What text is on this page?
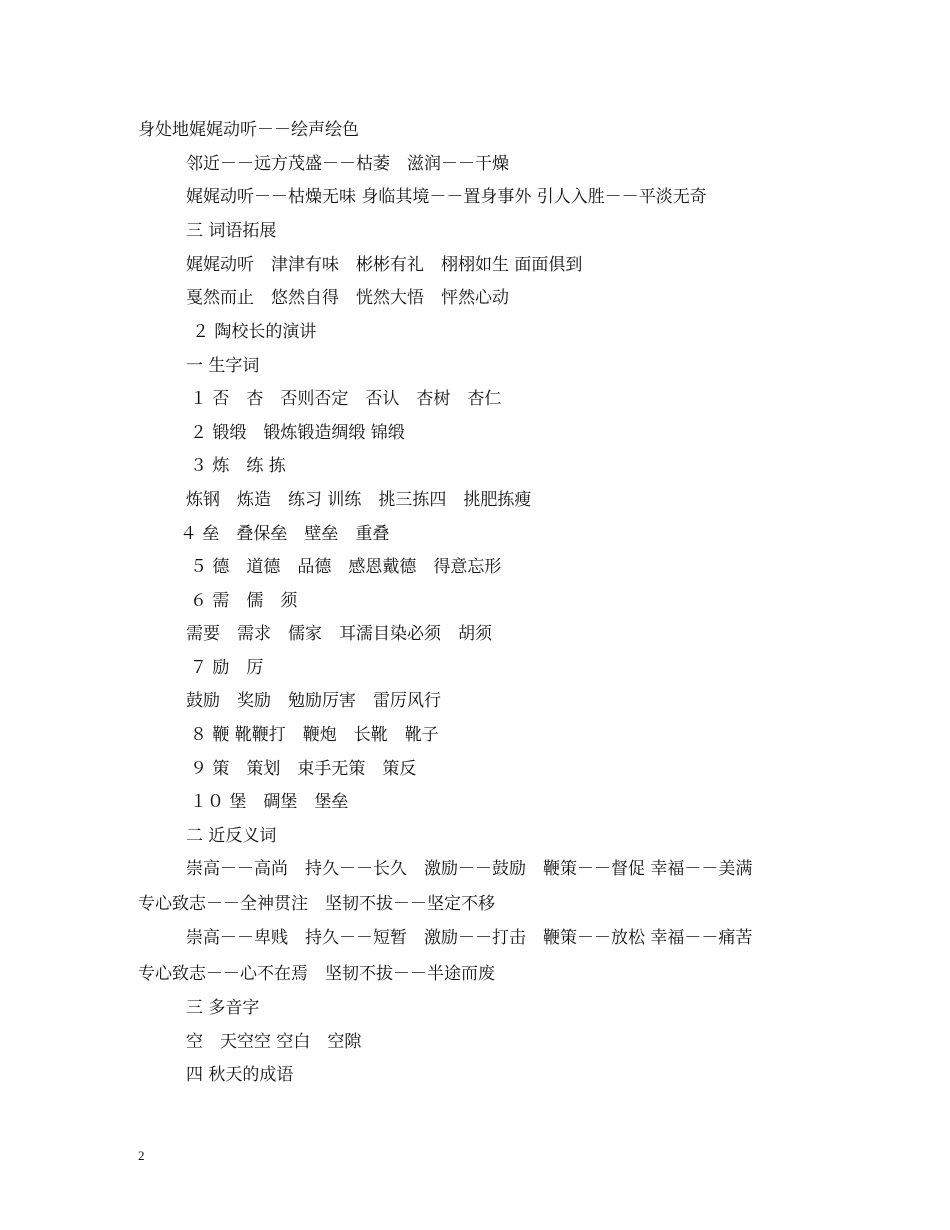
身处地娓娓动听－－绘声绘色
邻近－－远方茂盛－－枯萎　滋润－－干燥
娓娓动听－－枯燥无味 身临其境－－置身事外 引人入胜－－平淡无奇
三 词语拓展
娓娓动听　津津有味　彬彬有礼　栩栩如生 面面俱到
戛然而止　悠然自得　恍然大悟　怦然心动
２ 陶校长的演讲
一 生字词
１ 否　杏　否则否定　否认　杏树　杏仁
２ 锻缎　锻炼锻造绸缎 锦缎
３ 炼　练 拣
炼钢　炼造　练习 训练　挑三拣四　挑肥拣瘦
４ 垒　叠保垒　壁垒　重叠
５ 德　道德　品德　感恩戴德　得意忘形
６ 需　儒　须
需要　需求　儒家　耳濡目染必须　胡须
７ 励　厉
鼓励　奖励　勉励厉害　雷厉风行
８ 鞭 靴鞭打　鞭炮　长靴　靴子
９ 策　策划　束手无策　策反
１０ 堡　碉堡　堡垒
二 近反义词
崇高－－高尚　持久－－长久　激励－－鼓励　鞭策－－督促 幸福－－美满
专心致志－－全神贯注　坚韧不拔－－坚定不移
崇高－－卑贱　持久－－短暂　激励－－打击　鞭策－－放松 幸福－－痛苦
专心致志－－心不在焉　坚韧不拔－－半途而废
三 多音字
空　天空空 空白　空隙
四 秋天的成语
2
